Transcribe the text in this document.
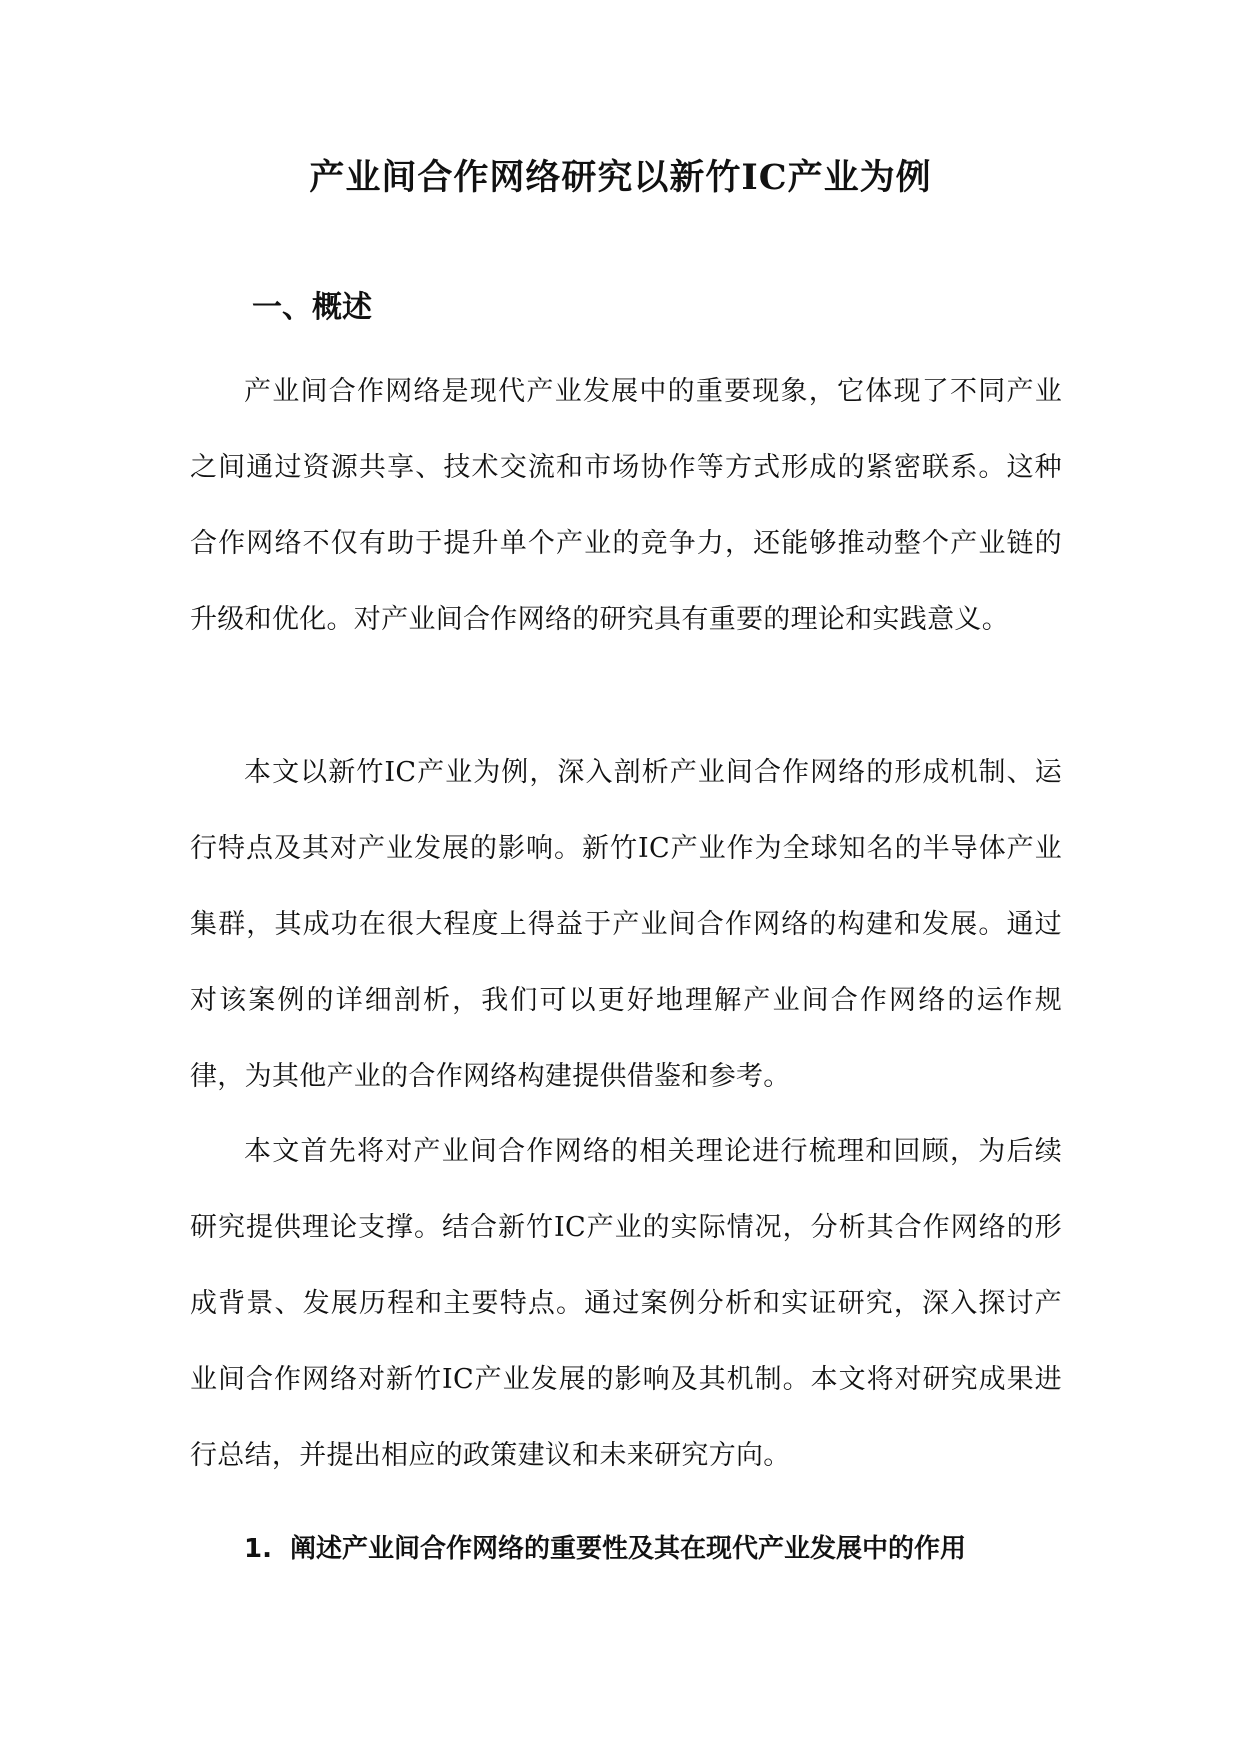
产业间合作网络研究以新竹IC产业为例
一、概述

产业间合作网络是现代产业发展中的重要现象，它体现了不同产业之间通过资源共享、技术交流和市场协作等方式形成的紧密联系。这种合作网络不仅有助于提升单个产业的竞争力，还能够推动整个产业链的升级和优化。对产业间合作网络的研究具有重要的理论和实践意义。

本文以新竹IC产业为例，深入剖析产业间合作网络的形成机制、运行特点及其对产业发展的影响。新竹IC产业作为全球知名的半导体产业集群，其成功在很大程度上得益于产业间合作网络的构建和发展。通过对该案例的详细剖析，我们可以更好地理解产业间合作网络的运作规律，为其他产业的合作网络构建提供借鉴和参考。

本文首先将对产业间合作网络的相关理论进行梳理和回顾，为后续研究提供理论支撑。结合新竹IC产业的实际情况，分析其合作网络的形成背景、发展历程和主要特点。通过案例分析和实证研究，深入探讨产业间合作网络对新竹IC产业发展的影响及其机制。本文将对研究成果进行总结，并提出相应的政策建议和未来研究方向。

1. 阐述产业间合作网络的重要性及其在现代产业发展中的作用
